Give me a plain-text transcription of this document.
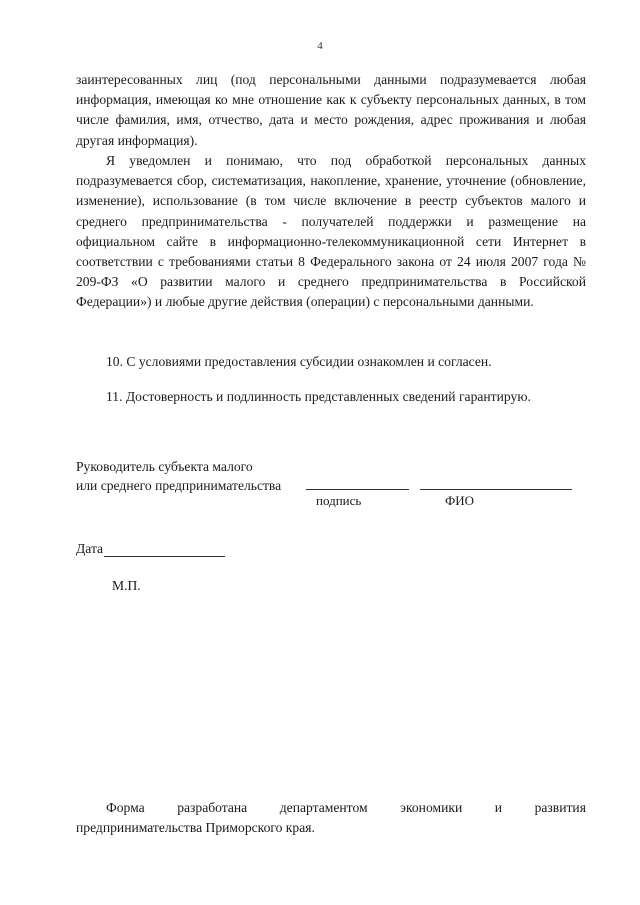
4
заинтересованных лиц (под персональными данными подразумевается любая информация, имеющая ко мне отношение как к субъекту персональных данных, в том числе фамилия, имя, отчество, дата и место рождения, адрес проживания и любая другая информация).
Я уведомлен и понимаю, что под обработкой персональных данных подразумевается сбор, систематизация, накопление, хранение, уточнение (обновление, изменение), использование (в том числе включение в реестр субъектов малого и среднего предпринимательства - получателей поддержки и размещение на официальном сайте в информационно-телекоммуникационной сети Интернет в соответствии с требованиями статьи 8 Федерального закона от 24 июля 2007 года № 209-ФЗ «О развитии малого и среднего предпринимательства в Российской Федерации») и любые другие действия (операции) с персональными данными.
10. С условиями предоставления субсидии ознакомлен и согласен.
11. Достоверность и подлинность представленных сведений гарантирую.
Руководитель субъекта малого
или среднего предпринимательства
подпись	ФИО
Дата
М.П.
Форма разработана департаментом экономики и развития
предпринимательства Приморского края.
